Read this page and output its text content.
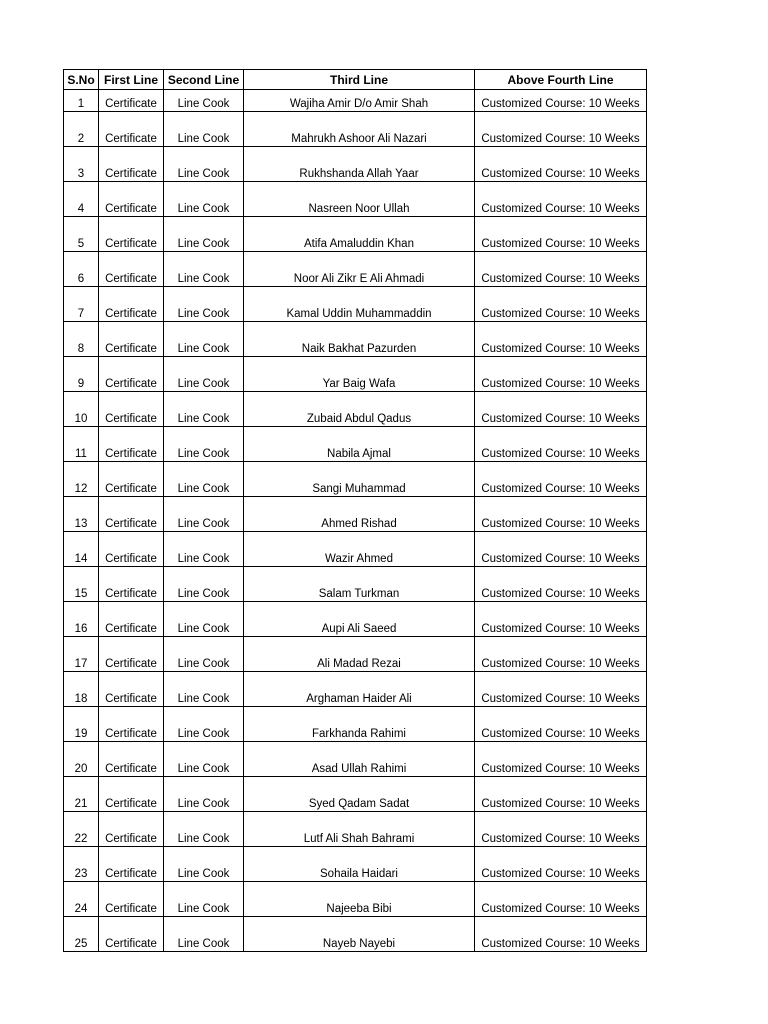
S.No	First Line	Second Line	Third Line	Above Fourth Line
1	Certificate	Line Cook	Wajiha Amir D/o Amir Shah	Customized Course: 10 Weeks
2	Certificate	Line Cook	Mahrukh Ashoor Ali Nazari	Customized Course: 10 Weeks
3	Certificate	Line Cook	Rukhshanda Allah Yaar	Customized Course: 10 Weeks
4	Certificate	Line Cook	Nasreen Noor Ullah	Customized Course: 10 Weeks
5	Certificate	Line Cook	Atifa Amaluddin Khan	Customized Course: 10 Weeks
6	Certificate	Line Cook	Noor Ali Zikr E Ali Ahmadi	Customized Course: 10 Weeks
7	Certificate	Line Cook	Kamal Uddin Muhammaddin	Customized Course: 10 Weeks
8	Certificate	Line Cook	Naik Bakhat Pazurden	Customized Course: 10 Weeks
9	Certificate	Line Cook	Yar Baig Wafa	Customized Course: 10 Weeks
10	Certificate	Line Cook	Zubaid Abdul Qadus	Customized Course: 10 Weeks
11	Certificate	Line Cook	Nabila Ajmal	Customized Course: 10 Weeks
12	Certificate	Line Cook	Sangi Muhammad	Customized Course: 10 Weeks
13	Certificate	Line Cook	Ahmed Rishad	Customized Course: 10 Weeks
14	Certificate	Line Cook	Wazir Ahmed	Customized Course: 10 Weeks
15	Certificate	Line Cook	Salam Turkman	Customized Course: 10 Weeks
16	Certificate	Line Cook	Aupi Ali Saeed	Customized Course: 10 Weeks
17	Certificate	Line Cook	Ali Madad Rezai	Customized Course: 10 Weeks
18	Certificate	Line Cook	Arghaman Haider Ali	Customized Course: 10 Weeks
19	Certificate	Line Cook	Farkhanda Rahimi	Customized Course: 10 Weeks
20	Certificate	Line Cook	Asad Ullah Rahimi	Customized Course: 10 Weeks
21	Certificate	Line Cook	Syed Qadam Sadat	Customized Course: 10 Weeks
22	Certificate	Line Cook	Lutf Ali Shah Bahrami	Customized Course: 10 Weeks
23	Certificate	Line Cook	Sohaila Haidari	Customized Course: 10 Weeks
24	Certificate	Line Cook	Najeeba Bibi	Customized Course: 10 Weeks
25	Certificate	Line Cook	Nayeb Nayebi	Customized Course: 10 Weeks
